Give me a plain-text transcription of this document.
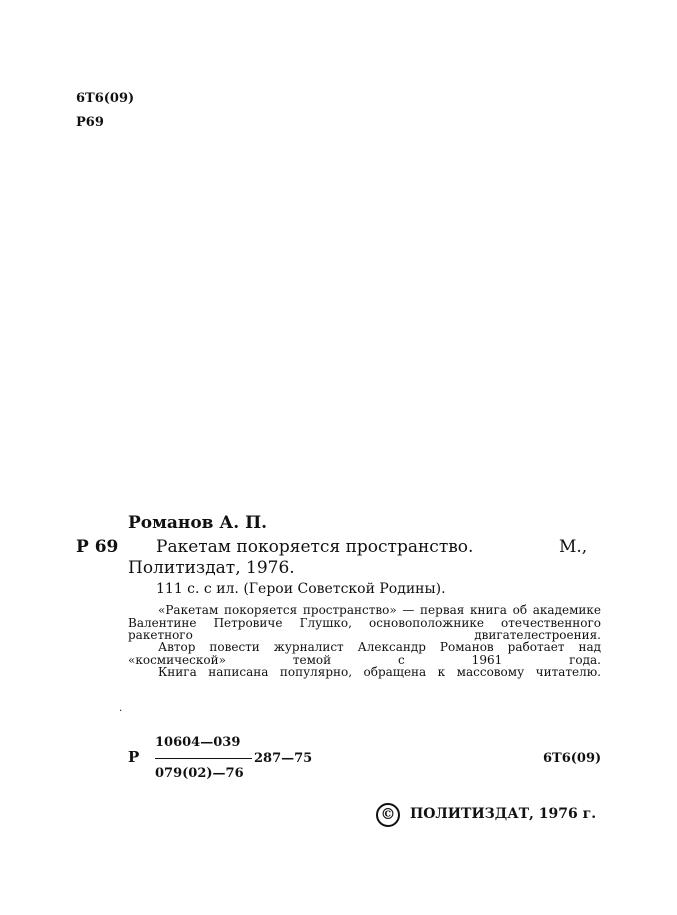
6Т6(09)
Р69
Романов А. П.
Р 69 Ракетам покоряется пространство.	М.,
Политиздат, 1976.
111 с. с ил. (Герои Советской Родины).
«Ракетам покоряется пространство» — первая книга об академике Валентине Петровиче Глушко, основоположнике отечественного ракетного двигателестроения.
Автор повести журналист Александр Романов работает над «космической» темой с 1961 года.
Книга написана популярно, обращена к массовому читателю.
·
Р
10604—039
287—75
079(02)—76
6Т6(09)
©	ПОЛИТИЗДАТ, 1976 г.
